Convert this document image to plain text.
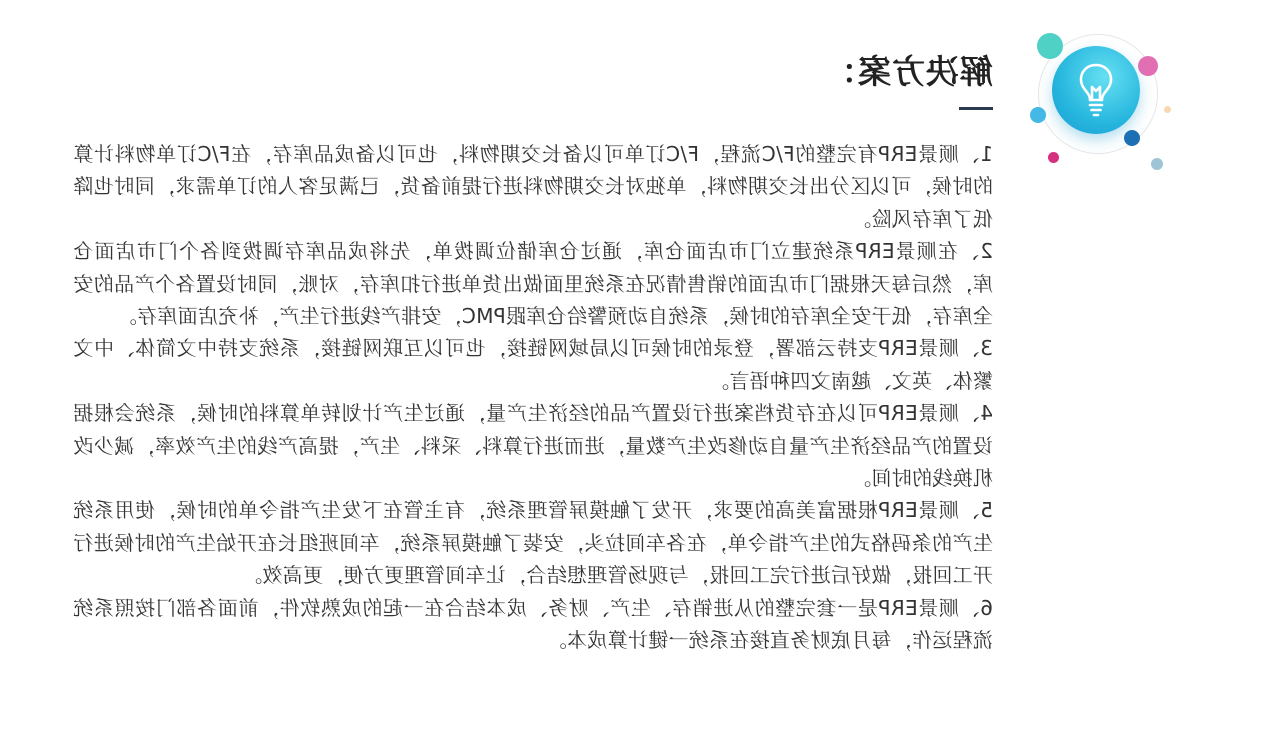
解决方案：

1、顺景ERP有完整的F/C流程，F/C订单可以备长交期物料，也可以备成品库存，在F/C订单物料计算的时候，可以区分出长交期物料，单独对长交期物料进行提前备货，已满足客人的订单需求，同时也降低了库存风险。

2、在顺景ERP系统建立门市店面仓库，通过仓库储位调拨单，先将成品库存调拨到各个门市店面仓库，然后每天根据门市店面的销售情况在系统里面做出货单进行扣库存，对账，同时设置各个产品的安全库存，低于安全库存的时候，系统自动预警给仓库跟PMC，安排产线进行生产，补充店面库存。

3、顺景ERP支持云部署，登录的时候可以局域网链接，也可以互联网链接，系统支持中文简体、中文繁体、英文、越南文四种语言。

4、顺景ERP可以在存货档案进行设置产品的经济生产量，通过生产计划转单算料的时候，系统会根据设置的产品经济生产量自动修改生产数量，进而进行算料、采料、生产，提高产线的生产效率，减少改机换线的时间。

5、顺景ERP根据富美高的要求，开发了触摸屏管理系统，有主管在下发生产指令单的时候，使用系统生产的条码格式的生产指令单，在各车间拉头，安装了触摸屏系统，车间班组长在开始生产的时候进行开工回报，做好后进行完工回报，与现场管理想结合，让车间管理更方便，更高效。

6、顺景ERP是一套完整的从进销存、生产、财务、成本结合在一起的成熟软件，前面各部门按照系统流程运作，每月底财务直接在系统一键计算成本。
